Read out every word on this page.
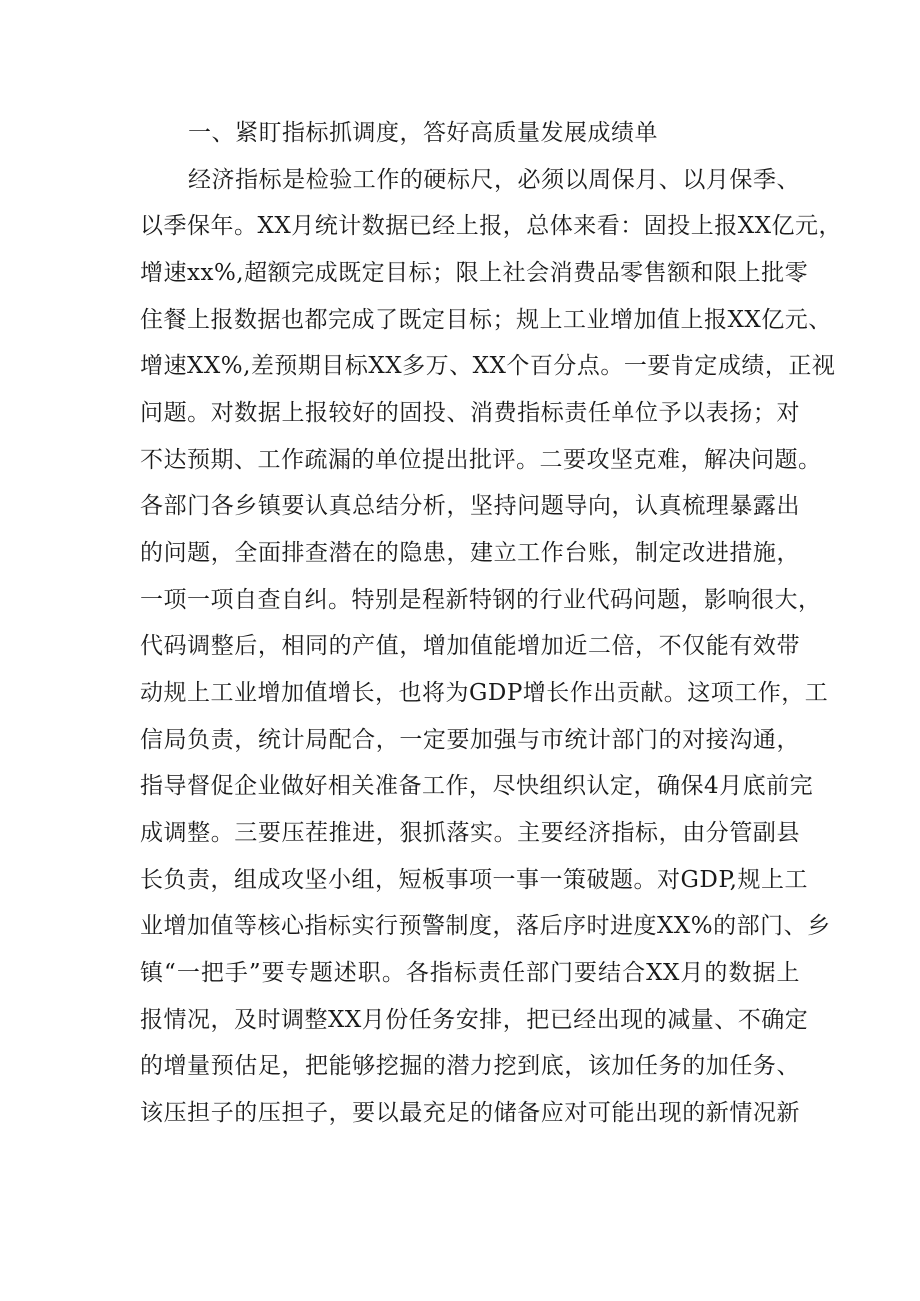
一、紧盯指标抓调度，答好高质量发展成绩单
经济指标是检验工作的硬标尺，必须以周保月、以月保季、
以季保年。XX月统计数据已经上报，总体来看：固投上报XX亿元，
增速xx%,超额完成既定目标；限上社会消费品零售额和限上批零
住餐上报数据也都完成了既定目标；规上工业增加值上报XX亿元、
增速XX%,差预期目标XX多万、XX个百分点。一要肯定成绩，正视
问题。对数据上报较好的固投、消费指标责任单位予以表扬；对
不达预期、工作疏漏的单位提出批评。二要攻坚克难，解决问题。
各部门各乡镇要认真总结分析，坚持问题导向，认真梳理暴露出
的问题，全面排查潜在的隐患，建立工作台账，制定改进措施，
一项一项自查自纠。特别是程新特钢的行业代码问题，影响很大，
代码调整后，相同的产值，增加值能增加近二倍，不仅能有效带
动规上工业增加值增长，也将为GDP增长作出贡献。这项工作，工
信局负责，统计局配合，一定要加强与市统计部门的对接沟通，
指导督促企业做好相关准备工作，尽快组织认定，确保4月底前完
成调整。三要压茬推进，狠抓落实。主要经济指标，由分管副县
长负责，组成攻坚小组，短板事项一事一策破题。对GDP,规上工
业增加值等核心指标实行预警制度，落后序时进度XX%的部门、乡
镇“一把手”要专题述职。各指标责任部门要结合XX月的数据上
报情况，及时调整XX月份任务安排，把已经出现的减量、不确定
的增量预估足，把能够挖掘的潜力挖到底，该加任务的加任务、
该压担子的压担子，要以最充足的储备应对可能出现的新情况新
